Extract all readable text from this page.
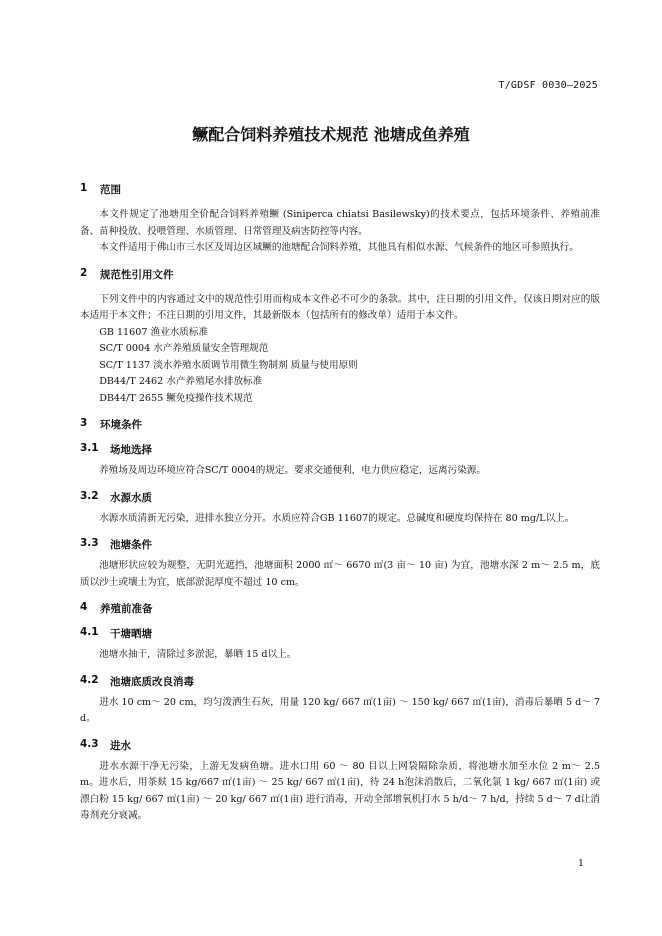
T/GDSF 0030—2025
鳜配合饲料养殖技术规范 池塘成鱼养殖
1	范围

本文件规定了池塘用全价配合饲料养殖鳜 (Siniperca chiatsi Basilewsky)的技术要点，包括环境条件、养殖前准备、苗种投放、投喂管理、水质管理、日常管理及病害防控等内容。

本文件适用于佛山市三水区及周边区域鳜的池塘配合饲料养殖，其他具有相似水源、气候条件的地区可参照执行。

2	规范性引用文件

下列文件中的内容通过文中的规范性引用而构成本文件必不可少的条款。其中，注日期的引用文件，仅该日期对应的版本适用于本文件；不注日期的引用文件，其最新版本（包括所有的修改单）适用于本文件。

GB 11607 渔业水质标准
SC/T 0004 水产养殖质量安全管理规范
SC/T 1137 淡水养殖水质调节用微生物制剂 质量与使用原则
DB44/T 2462 水产养殖尾水排放标准
DB44/T 2655 鳜免疫操作技术规范
3	环境条件
3.1	场地选择

养殖场及周边环境应符合SC/T 0004的规定。要求交通便利，电力供应稳定，远离污染源。

3.2	水源水质

水源水质清新无污染，进排水独立分开。水质应符合GB 11607的规定。总碱度和硬度均保持在 80 mg/L以上。

3.3	池塘条件

池塘形状应较为规整，无阴光遮挡，池塘面积 2000 ㎡～ 6670 ㎡(3 亩～ 10 亩) 为宜，池塘水深 2 m～ 2.5 m，底质以沙土或壤土为宜，底部淤泥厚度不超过 10 cm。

4	养殖前准备
4.1	干塘晒塘

池塘水抽干，清除过多淤泥，暴晒 15 d以上。

4.2	池塘底质改良消毒

进水 10 cm～ 20 cm，均匀泼洒生石灰，用量 120 kg/ 667 ㎡(1亩) ～ 150 kg/ 667 ㎡(1亩)，消毒后暴晒 5 d～ 7 d。

4.3	进水

进水水源干净无污染，上游无发病鱼塘。进水口用 60 ～ 80 目以上网袋隔除杂质，将池塘水加至水位 2 m～ 2.5 m。进水后，用茶麸 15 kg/667 ㎡(1亩) ～ 25 kg/ 667 ㎡(1亩)，待 24 h泡沫消散后，二氧化氯 1 kg/ 667 ㎡(1亩) 或漂白粉 15 kg/ 667 ㎡(1亩) ～ 20 kg/ 667 ㎡(1亩) 进行消毒，开动全部增氧机打水 5 h/d～ 7 h/d，持续 5 d～ 7 d让消毒剂充分衰减。

1
